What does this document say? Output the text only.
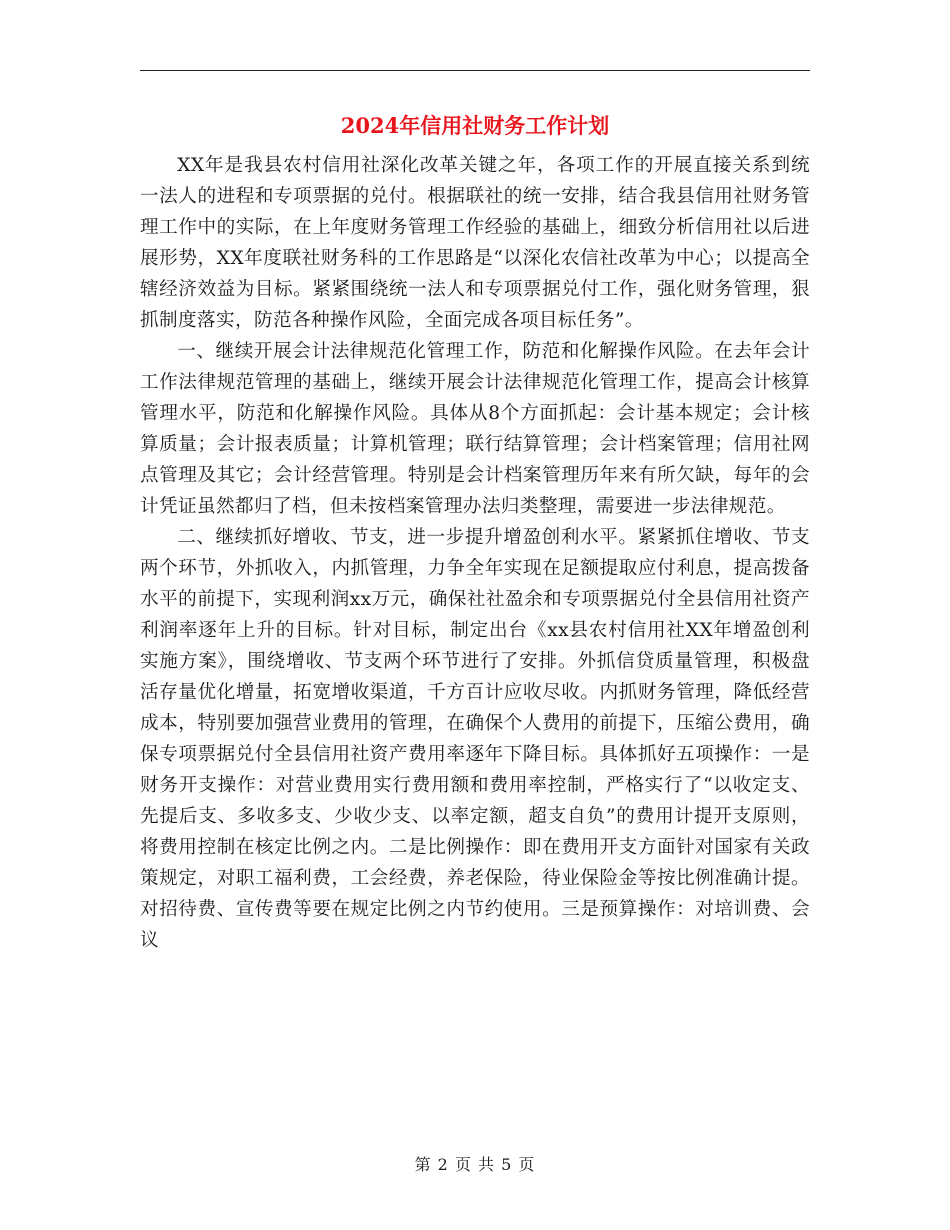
2024年信用社财务工作计划

XX年是我县农村信用社深化改革关键之年，各项工作的开展直接关系到统一法人的进程和专项票据的兑付。根据联社的统一安排，结合我县信用社财务管理工作中的实际，在上年度财务管理工作经验的基础上，细致分析信用社以后进展形势，XX年度联社财务科的工作思路是“以深化农信社改革为中心；以提高全辖经济效益为目标。紧紧围绕统一法人和专项票据兑付工作，强化财务管理，狠抓制度落实，防范各种操作风险，全面完成各项目标任务”。

一、继续开展会计法律规范化管理工作，防范和化解操作风险。在去年会计工作法律规范管理的基础上，继续开展会计法律规范化管理工作，提高会计核算管理水平，防范和化解操作风险。具体从8个方面抓起：会计基本规定；会计核算质量；会计报表质量；计算机管理；联行结算管理；会计档案管理；信用社网点管理及其它；会计经营管理。特别是会计档案管理历年来有所欠缺，每年的会计凭证虽然都归了档，但未按档案管理办法归类整理，需要进一步法律规范。

二、继续抓好增收、节支，进一步提升增盈创利水平。紧紧抓住增收、节支两个环节，外抓收入，内抓管理，力争全年实现在足额提取应付利息，提高拨备水平的前提下，实现利润xx万元，确保社社盈余和专项票据兑付全县信用社资产利润率逐年上升的目标。针对目标，制定出台《xx县农村信用社XX年增盈创利实施方案》，围绕增收、节支两个环节进行了安排。外抓信贷质量管理，积极盘活存量优化增量，拓宽增收渠道，千方百计应收尽收。内抓财务管理，降低经营成本，特别要加强营业费用的管理，在确保个人费用的前提下，压缩公费用，确保专项票据兑付全县信用社资产费用率逐年下降目标。具体抓好五项操作：一是财务开支操作：对营业费用实行费用额和费用率控制，严格实行了“以收定支、先提后支、多收多支、少收少支、以率定额，超支自负”的费用计提开支原则，将费用控制在核定比例之内。二是比例操作：即在费用开支方面针对国家有关政策规定，对职工福利费，工会经费，养老保险，待业保险金等按比例准确计提。对招待费、宣传费等要在规定比例之内节约使用。三是预算操作：对培训费、会议

第 2 页 共 5 页
